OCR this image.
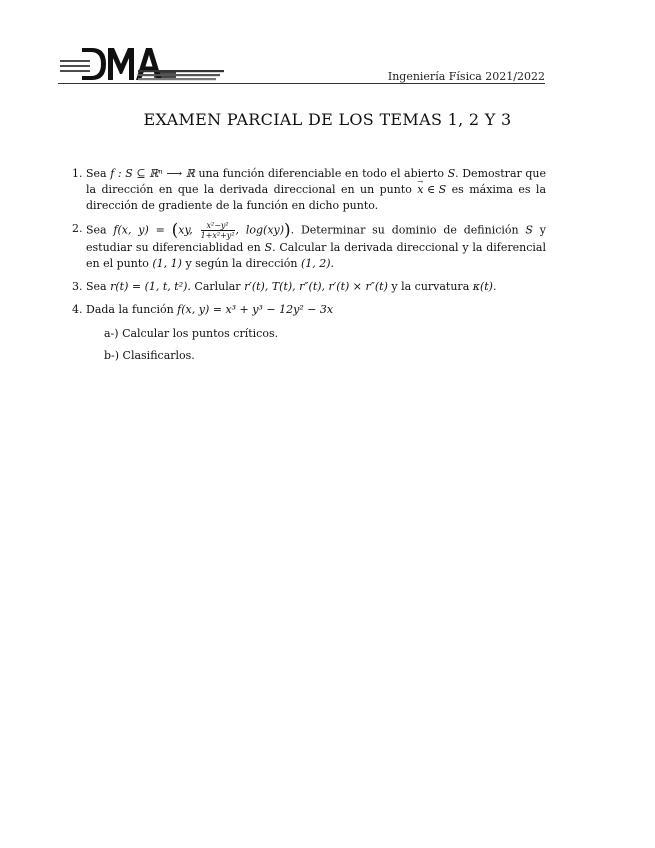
Ingeniería Física 2021/2022
EXAMEN PARCIAL DE LOS TEMAS 1, 2 Y 3
1. Sea f : S ⊆ ℝⁿ ⟶ ℝ una función diferenciable en todo el abierto S. Demostrar que la dirección en que la derivada direccional en un punto → x ∈ S es máxima es la dirección de gradiente de la función en dicho punto.
2. Sea f(x, y) = (xy, $\frac{\text{x²−y²}}{\text{1+x²+y²}}$ , log(xy)). Determinar su dominio de definición S y estudiar su diferenciablidad en S. Calcular la derivada direccional y la diferencial en el punto (1, 1) y según la dirección (1, 2).
3. Sea r(t) = (1, t, t²). Carlular r′(t), T(t), r″(t), r′(t) × r″(t) y la curvatura κ(t).
4. Dada la función f(x, y) = x³ + y³ − 12y² − 3x
a-) Calcular los puntos críticos.
b-) Clasificarlos.
